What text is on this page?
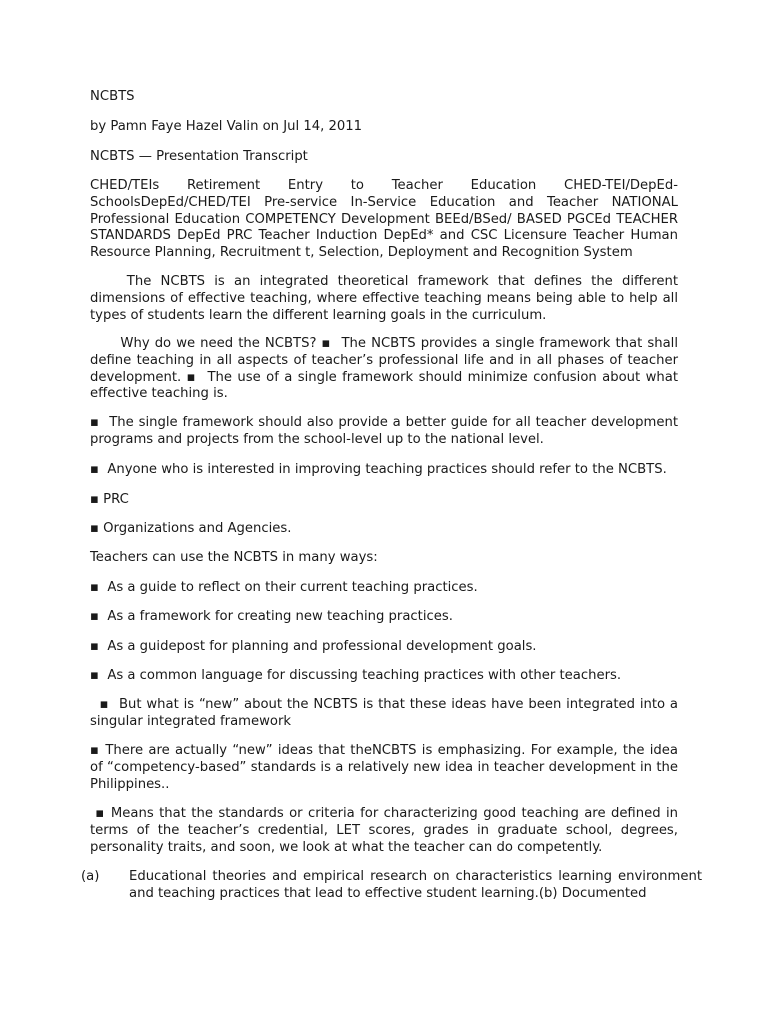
NCBTS

by Pamn Faye Hazel Valin on Jul 14, 2011

NCBTS — Presentation Transcript

CHED/TEIs Retirement Entry to Teacher Education CHED-TEI/DepEd-SchoolsDepEd/CHED/TEI Pre-service In-Service Education and Teacher NATIONAL Professional Education COMPETENCY Development BEEd/BSed/ BASED PGCEd TEACHER STANDARDS DepEd PRC Teacher Induction DepEd* and CSC Licensure Teacher Human Resource Planning, Recruitment t, Selection, Deployment and Recognition System

The NCBTS is an integrated theoretical framework that defines the different dimensions of effective teaching, where effective teaching means being able to help all types of students learn the different learning goals in the curriculum.

Why do we need the NCBTS? ▪  The NCBTS provides a single framework that shall define teaching in all aspects of teacher’s professional life and in all phases of teacher development. ▪  The use of a single framework should minimize confusion about what effective teaching is.

▪  The single framework should also provide a better guide for all teacher development programs and projects from the school-level up to the national level.

▪  Anyone who is interested in improving teaching practices should refer to the NCBTS.

▪ PRC

▪ Organizations and Agencies.

Teachers can use the NCBTS in many ways:

▪  As a guide to reflect on their current teaching practices.

▪  As a framework for creating new teaching practices.

▪  As a guidepost for planning and professional development goals.

▪  As a common language for discussing teaching practices with other teachers.

▪  But what is “new” about the NCBTS is that these ideas have been integrated into a singular integrated framework

▪ There are actually “new” ideas that theNCBTS is emphasizing. For example, the idea of “competency-based” standards is a relatively new idea in teacher development in the Philippines..

▪ Means that the standards or criteria for characterizing good teaching are defined in terms of the teacher’s credential, LET scores, grades in graduate school, degrees, personality traits, and soon, we look at what the teacher can do competently.

(a) Educational theories and empirical research on characteristics learning environment and teaching practices that lead to effective student learning.(b) Documented
